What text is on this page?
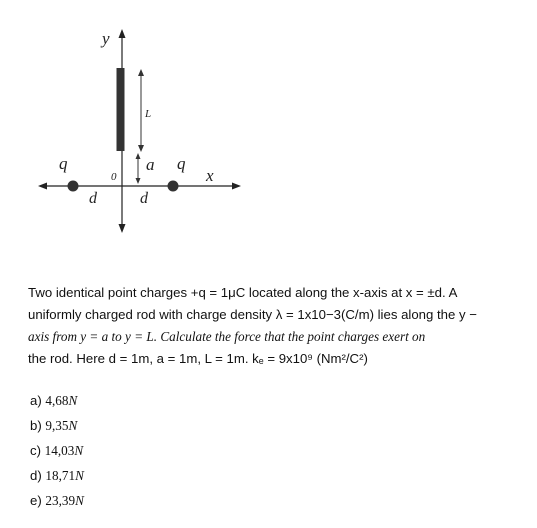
y
x
L
a
0
q	q
d	d
Two identical point charges +q = 1μC located along the x-axis at x = ±d. A
uniformly charged rod with charge density λ = 1x10−3(C/m) lies along the y −
axis from y = a to y = L. Calculate the force that the point charges exert on
the rod. Here d = 1m, a = 1m, L = 1m. kₑ = 9x10⁹ (Nm²/C²)
a)
4,68 N
b)
9,35 N
c)
14,03 N
d)
18,71 N
e)
23,39 N
